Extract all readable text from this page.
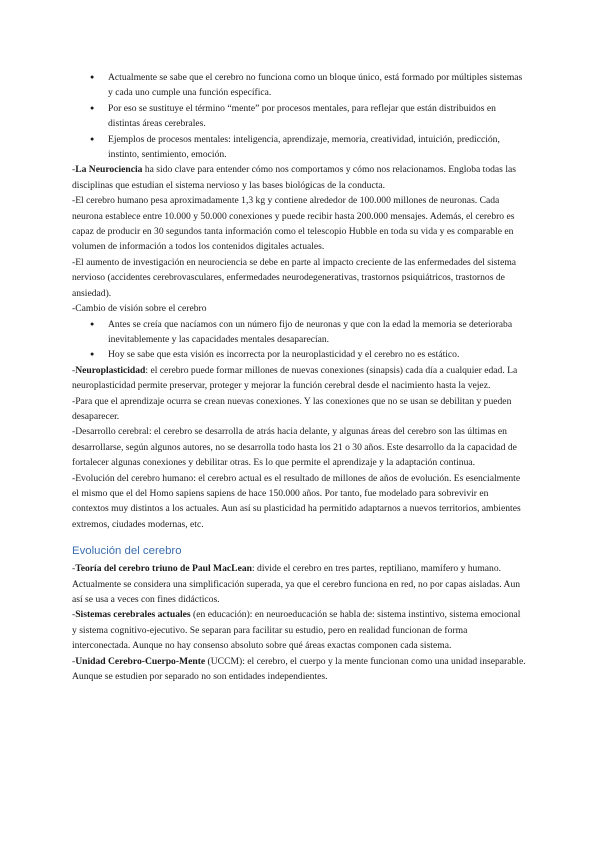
● Actualmente se sabe que el cerebro no funciona como un bloque único, está formado por múltiples sistemas y cada uno cumple una función específica.
● Por eso se sustituye el término “mente” por procesos mentales, para reflejar que están distribuidos en distintas áreas cerebrales.
● Ejemplos de procesos mentales: inteligencia, aprendizaje, memoria, creatividad, intuición, predicción, instinto, sentimiento, emoción.

-La Neurociencia ha sido clave para entender cómo nos comportamos y cómo nos relacionamos. Engloba todas las disciplinas que estudian el sistema nervioso y las bases biológicas de la conducta.

-El cerebro humano pesa aproximadamente 1,3 kg y contiene alrededor de 100.000 millones de neuronas. Cada neurona establece entre 10.000 y 50.000 conexiones y puede recibir hasta 200.000 mensajes. Además, el cerebro es capaz de producir en 30 segundos tanta información como el telescopio Hubble en toda su vida y es comparable en volumen de información a todos los contenidos digitales actuales.

-El aumento de investigación en neurociencia se debe en parte al impacto creciente de las enfermedades del sistema nervioso (accidentes cerebrovasculares, enfermedades neurodegenerativas, trastornos psiquiátricos, trastornos de ansiedad).

-Cambio de visión sobre el cerebro

● Antes se creía que nacíamos con un número fijo de neuronas y que con la edad la memoria se deterioraba inevitablemente y las capacidades mentales desaparecían.
● Hoy se sabe que esta visión es incorrecta por la neuroplasticidad y el cerebro no es estático.

-Neuroplasticidad: el cerebro puede formar millones de nuevas conexiones (sinapsis) cada día a cualquier edad. La neuroplasticidad permite preservar, proteger y mejorar la función cerebral desde el nacimiento hasta la vejez.

-Para que el aprendizaje ocurra se crean nuevas conexiones. Y las conexiones que no se usan se debilitan y pueden desaparecer.

-Desarrollo cerebral: el cerebro se desarrolla de atrás hacia delante, y algunas áreas del cerebro son las últimas en desarrollarse, según algunos autores, no se desarrolla todo hasta los 21 o 30 años. Este desarrollo da la capacidad de fortalecer algunas conexiones y debilitar otras. Es lo que permite el aprendizaje y la adaptación continua.

-Evolución del cerebro humano: el cerebro actual es el resultado de millones de años de evolución. Es esencialmente el mismo que el del Homo sapiens sapiens de hace 150.000 años. Por tanto, fue modelado para sobrevivir en contextos muy distintos a los actuales. Aun así su plasticidad ha permitido adaptarnos a nuevos territorios, ambientes extremos, ciudades modernas, etc.

Evolución del cerebro

-Teoría del cerebro triuno de Paul MacLean: divide el cerebro en tres partes, reptiliano, mamífero y humano. Actualmente se considera una simplificación superada, ya que el cerebro funciona en red, no por capas aisladas. Aun así se usa a veces con fines didácticos.

-Sistemas cerebrales actuales (en educación): en neuroeducación se habla de: sistema instintivo, sistema emocional y sistema cognitivo-ejecutivo. Se separan para facilitar su estudio, pero en realidad funcionan de forma interconectada. Aunque no hay consenso absoluto sobre qué áreas exactas componen cada sistema.

-Unidad Cerebro-Cuerpo-Mente (UCCM): el cerebro, el cuerpo y la mente funcionan como una unidad inseparable. Aunque se estudien por separado no son entidades independientes.
